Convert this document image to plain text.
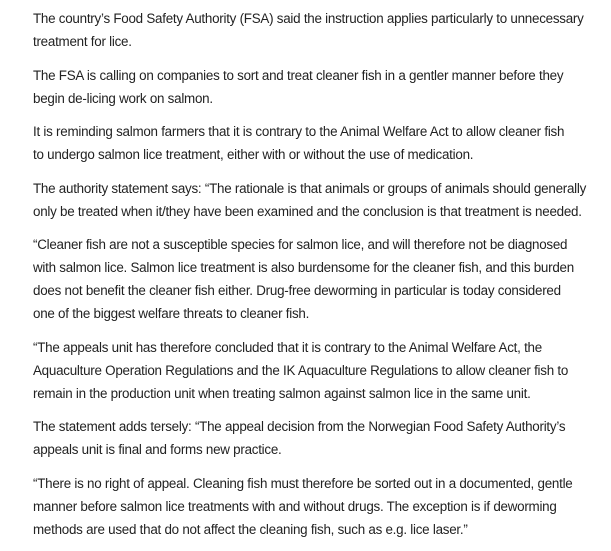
The country’s Food Safety Authority (FSA) said the instruction applies particularly to unnecessary
treatment for lice.

The FSA is calling on companies to sort and treat cleaner fish in a gentler manner before they
begin de-licing work on salmon.

It is reminding salmon farmers that it is contrary to the Animal Welfare Act to allow cleaner fish
to undergo salmon lice treatment, either with or without the use of medication.

The authority statement says: “The rationale is that animals or groups of animals should generally
only be treated when it/they have been examined and the conclusion is that treatment is needed.

“Cleaner fish are not a susceptible species for salmon lice, and will therefore not be diagnosed
with salmon lice. Salmon lice treatment is also burdensome for the cleaner fish, and this burden
does not benefit the cleaner fish either. Drug-free deworming in particular is today considered
one of the biggest welfare threats to cleaner fish.

“The appeals unit has therefore concluded that it is contrary to the Animal Welfare Act, the
Aquaculture Operation Regulations and the IK Aquaculture Regulations to allow cleaner fish to
remain in the production unit when treating salmon against salmon lice in the same unit.

The statement adds tersely: “The appeal decision from the Norwegian Food Safety Authority’s
appeals unit is final and forms new practice.

“There is no right of appeal. Cleaning fish must therefore be sorted out in a documented, gentle
manner before salmon lice treatments with and without drugs. The exception is if deworming
methods are used that do not affect the cleaning fish, such as e.g. lice laser.”
